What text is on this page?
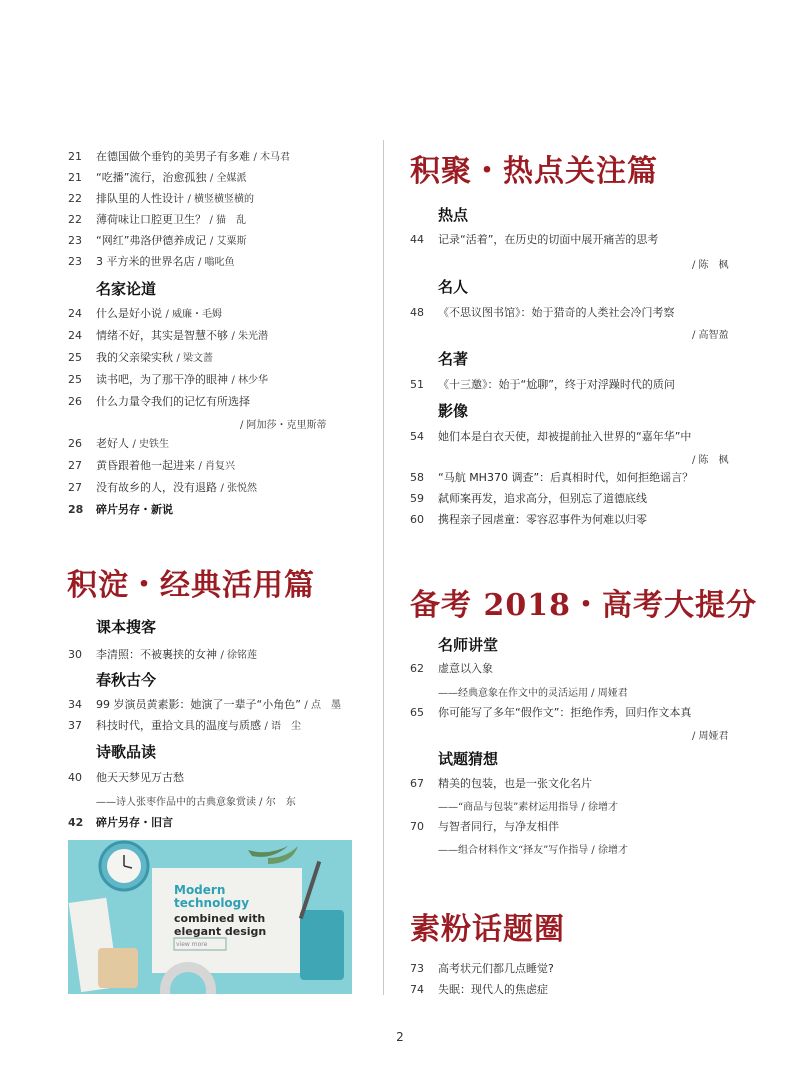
21 在德国做个垂钓的美男子有多难 / 木马君
21 “吃播”流行，治愈孤独 / 全媒派
22 排队里的人性设计 / 横竖横竖横的
22 薄荷味让口腔更卫生？ / 猫　乱
23 “网红”弗洛伊德养成记 / 艾粟斯
23 3 平方米的世界名店 / 嗡叱鱼
名家论道
24 什么是好小说 / 威廉・毛姆
24 情绪不好，其实是智慧不够 / 朱光潜
25 我的父亲梁实秋 / 梁文蔷
25 读书吧，为了那干净的眼神 / 林少华
26 什么力量令我们的记忆有所选择
/ 阿加莎・克里斯蒂
26 老好人 / 史铁生
27 黄昏跟着他一起进来 / 肖复兴
27 没有故乡的人，没有退路 / 张悦然
28 碎片另存・新说
积淀・经典活用篇
课本搜客
30 李清照：不被裹挟的女神 / 徐铭莲
春秋古今
34 99 岁演员黄素影：她演了一辈子“小角色” / 点　墨
37 科技时代，重拾文具的温度与质感 / 语　尘
诗歌品读
40 他天天梦见万古愁
——诗人张枣作品中的古典意象赏读 / 尔　东
42 碎片另存・旧言
Modern
technology
combined with
elegant design
view more
积聚・热点关注篇
热点
44 记录“活着”，在历史的切面中展开痛苦的思考
/ 陈　枫
名人
48 《不思议图书馆》：始于猎奇的人类社会冷门考察
/ 高智盈
名著
51 《十三邀》：始于“尬聊”，终于对浮躁时代的质问
影像
54 她们本是白衣天使，却被提前扯入世界的“嘉年华”中
/ 陈　枫
58 “马航 MH370 调查”：后真相时代，如何拒绝谣言？
59 弑师案再发，追求高分，但别忘了道德底线
60 携程亲子园虐童：零容忍事件为何难以归零
备考 2018・高考大提分
名师讲堂
62 虚意以入象
——经典意象在作文中的灵活运用 / 周娅君
65 你可能写了多年“假作文”：拒绝作秀，回归作文本真
/ 周娅君
试题猜想
67 精美的包装，也是一张文化名片
——“商品与包装”素材运用指导 / 徐增才
70 与智者同行，与净友相伴
——组合材料作文“择友”写作指导 / 徐增才
素粉话题圈
73 高考状元们都几点睡觉?
74 失眠：现代人的焦虑症
2
